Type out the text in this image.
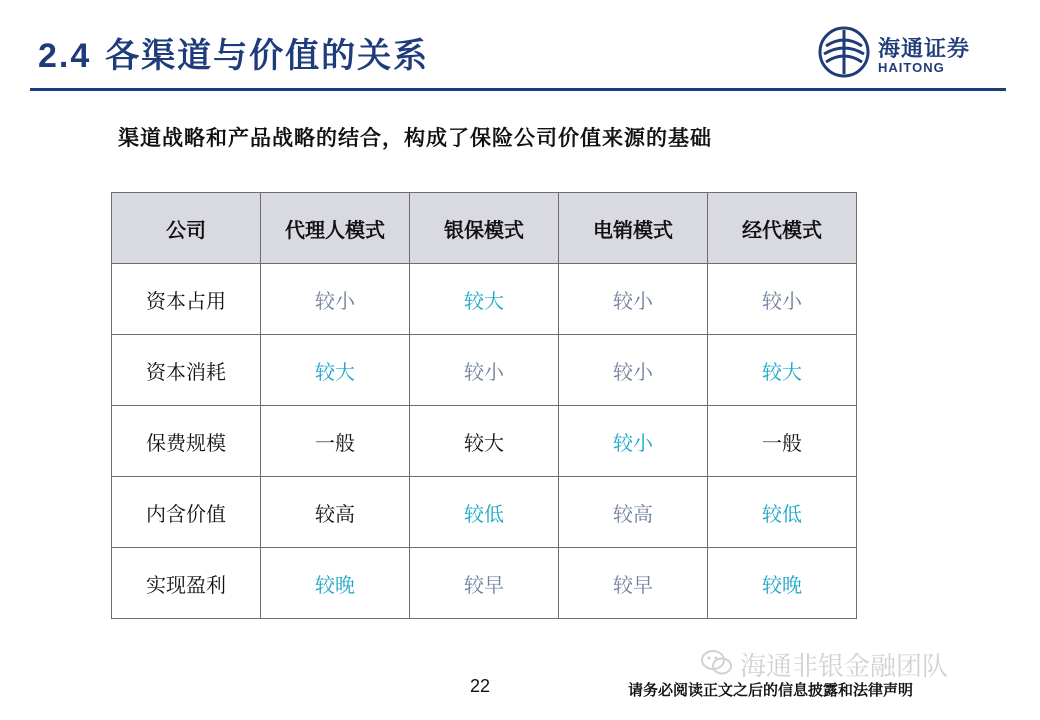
2.4 各渠道与价值的关系	海通证券
HAITONG
渠道战略和产品战略的结合，构成了保险公司价值来源的基础
公司	代理人模式	银保模式	电销模式	经代模式
资本占用	较小	较大	较小	较小
资本消耗	较大	较小	较小	较大
保费规模	一般	较大	较小	一般
内含价值	较高	较低	较高	较低
实现盈利	较晚	较早	较早	较晚
海通非银金融团队
22	请务必阅读正文之后的信息披露和法律声明
